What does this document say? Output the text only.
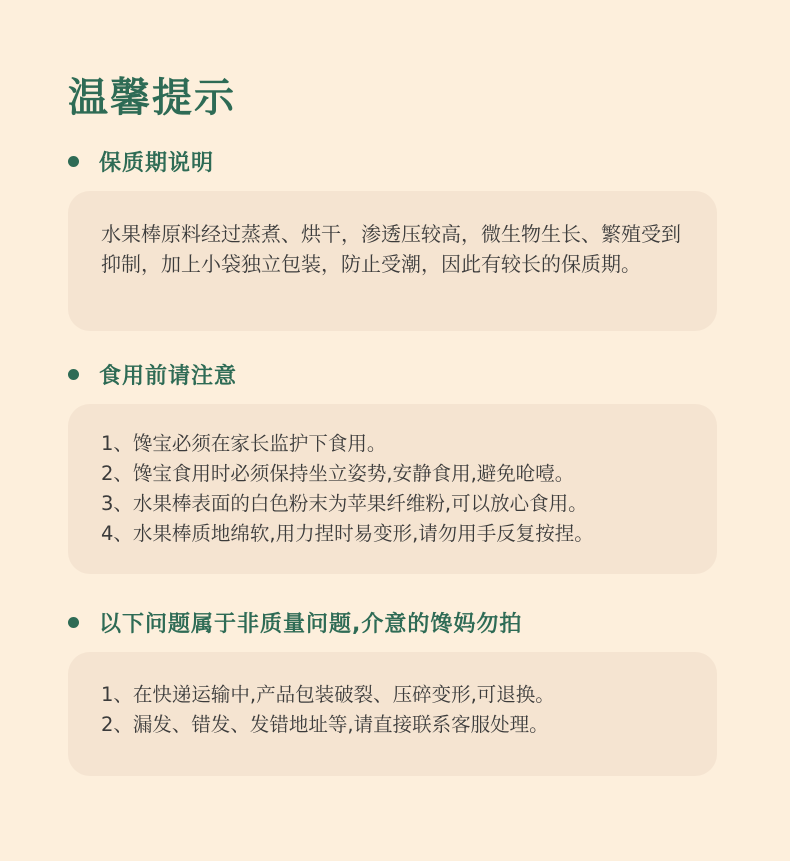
温馨提示
保质期说明

水果棒原料经过蒸煮、烘干，渗透压较高，微生物生长、繁殖受到抑制，加上小袋独立包装，防止受潮，因此有较长的保质期。

食用前请注意
1、馋宝必须在家长监护下食用。
2、馋宝食用时必须保持坐立姿势,安静食用,避免呛噎。
3、水果棒表面的白色粉末为苹果纤维粉,可以放心食用。
4、水果棒质地绵软,用力捏时易变形,请勿用手反复按捏。
以下问题属于非质量问题,介意的馋妈勿拍
1、在快递运输中,产品包装破裂、压碎变形,可退换。
2、漏发、错发、发错地址等,请直接联系客服处理。
